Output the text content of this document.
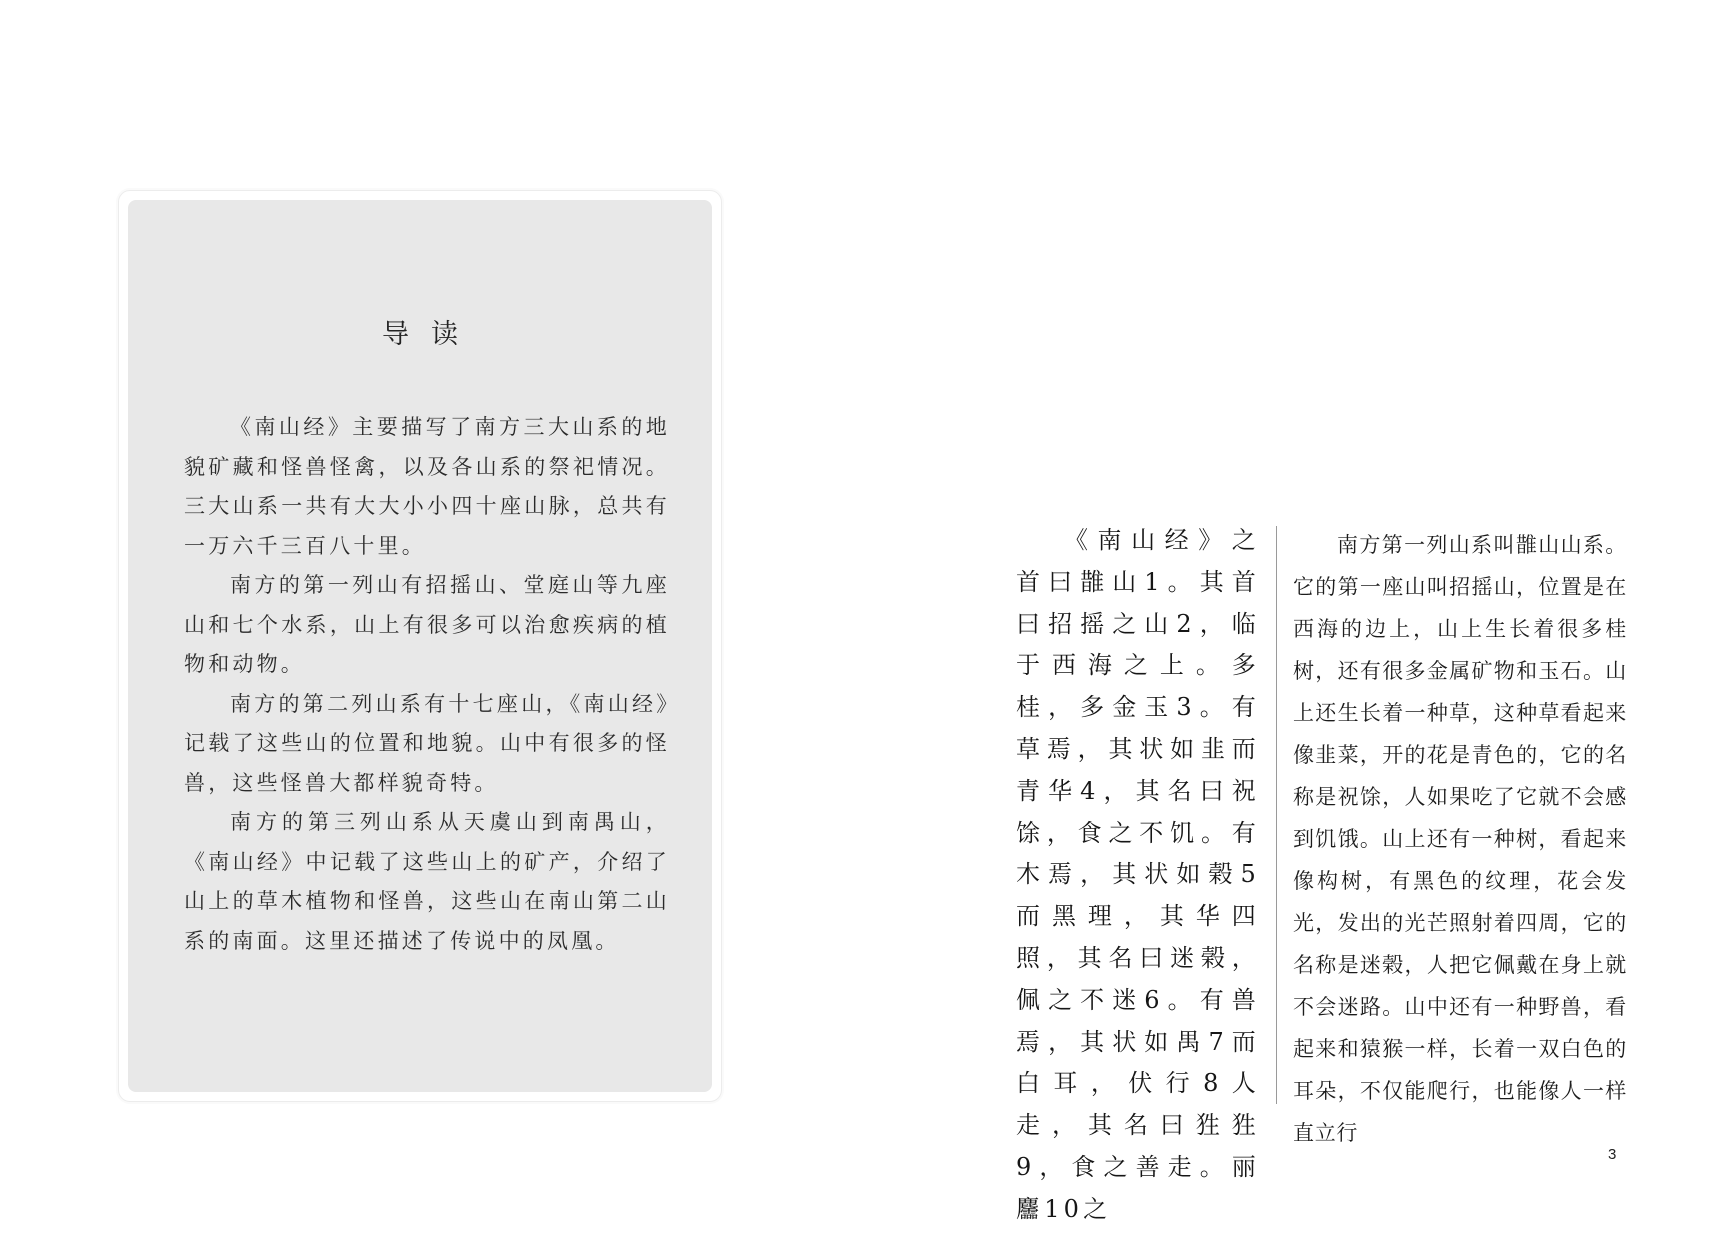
导读

《南山经》主要描写了南方三大山系的地貌矿藏和怪兽怪禽，以及各山系的祭祀情况。三大山系一共有大大小小四十座山脉，总共有一万六千三百八十里。

南方的第一列山有招摇山、堂庭山等九座山和七个水系，山上有很多可以治愈疾病的植物和动物。

南方的第二列山系有十七座山，《南山经》记载了这些山的位置和地貌。山中有很多的怪兽，这些怪兽大都样貌奇特。

南方的第三列山系从天虞山到南禺山，《南山经》中记载了这些山上的矿产，介绍了山上的草木植物和怪兽，这些山在南山第二山系的南面。这里还描述了传说中的凤凰。

《南山经》之首曰䧿山1。其首曰招摇之山2，临于西海之上。多桂，多金玉3。有草焉，其状如韭而青华4，其名曰祝馀，食之不饥。有木焉，其状如榖5而黑理，其华四照，其名曰迷榖，佩之不迷6。有兽焉，其状如禺7而白耳，伏行8人走，其名曰狌狌9，食之善走。丽麢10之

南方第一列山系叫䧿山山系。它的第一座山叫招摇山，位置是在西海的边上，山上生长着很多桂树，还有很多金属矿物和玉石。山上还生长着一种草，这种草看起来像韭菜，开的花是青色的，它的名称是祝馀，人如果吃了它就不会感到饥饿。山上还有一种树，看起来像构树，有黑色的纹理，花会发光，发出的光芒照射着四周，它的名称是迷榖，人把它佩戴在身上就不会迷路。山中还有一种野兽，看起来和猿猴一样，长着一双白色的耳朵，不仅能爬行，也能像人一样直立行

3
